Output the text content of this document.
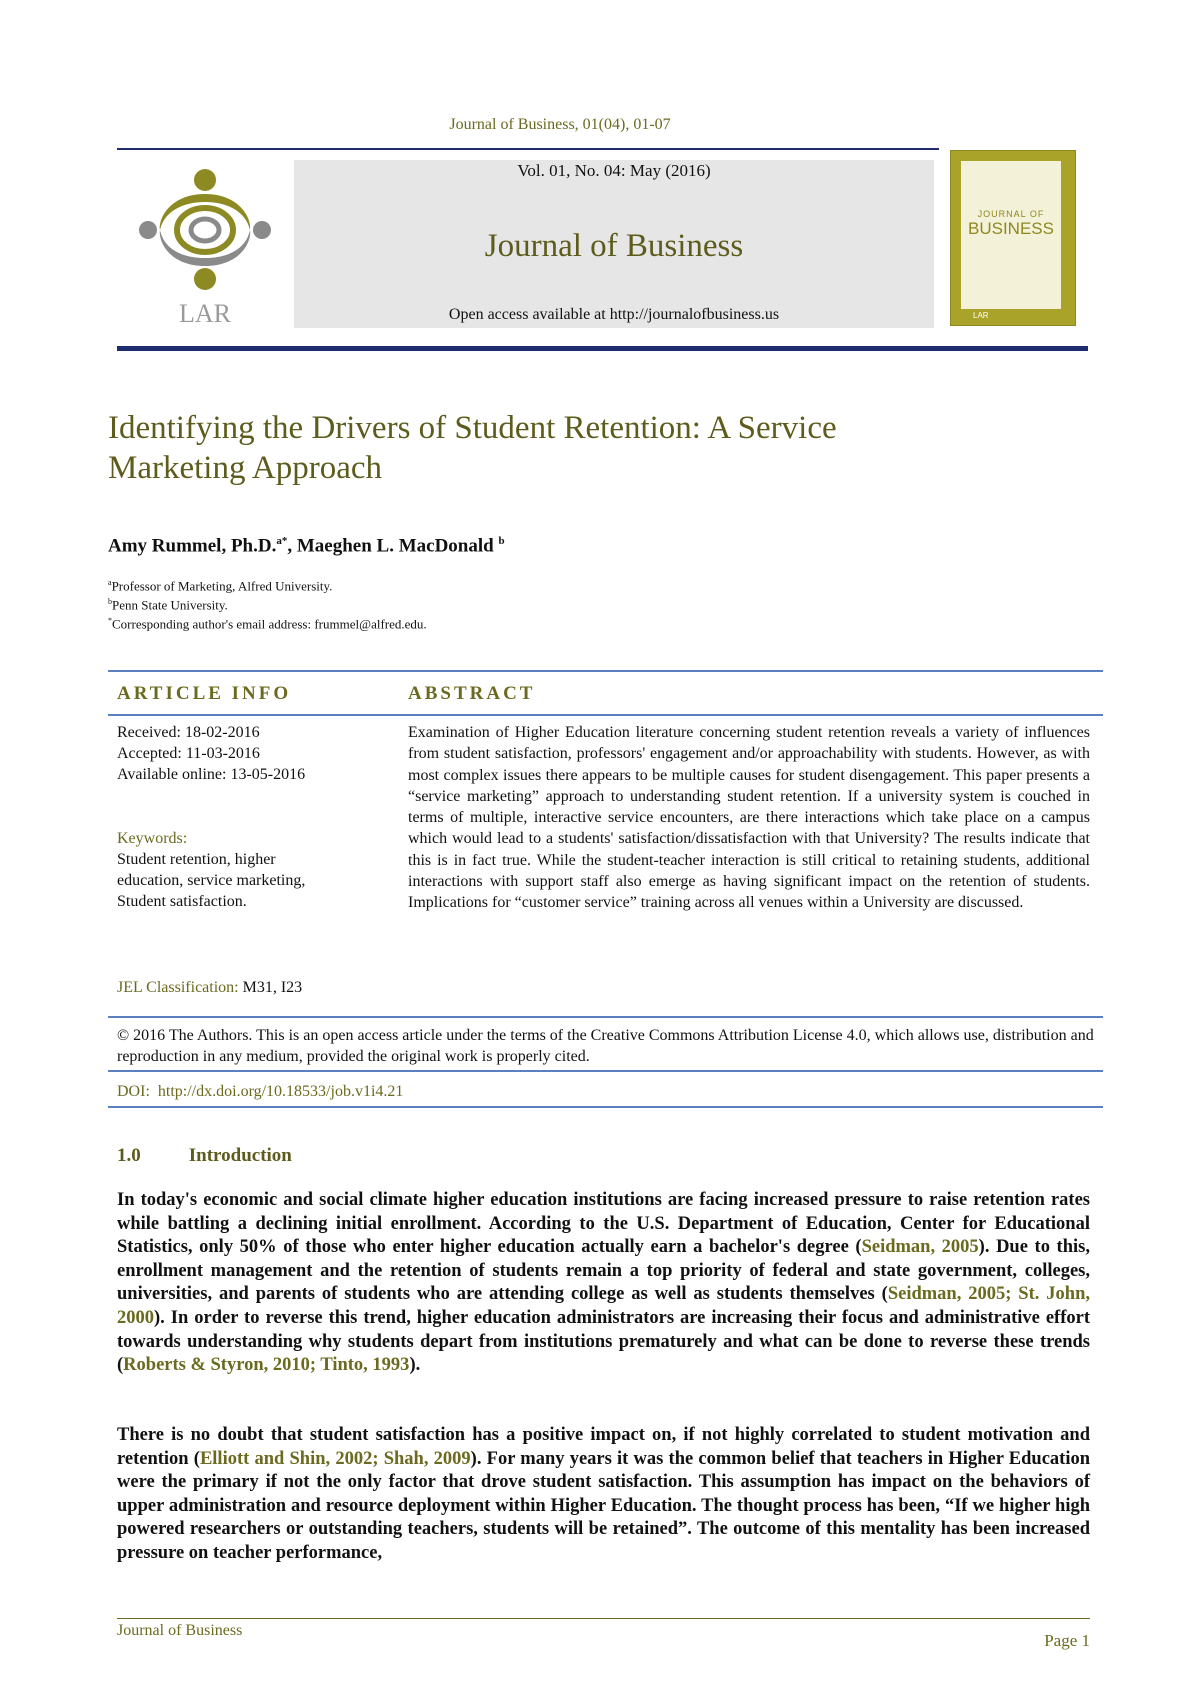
Journal of Business, 01(04), 01-07
LAR
Vol. 01, No. 04: May (2016)
Journal of Business
Open access available at http://journalofbusiness.us
JOURNAL OF
BUSINESS
LAR
Identifying the Drivers of Student Retention: A Service
Marketing Approach
Amy Rummel, Ph.D.$^{a*}$, Maeghen L. MacDonald $^b$
$^a$Professor of Marketing, Alfred University.
$^b$Penn State University.
*Corresponding author's email address: frummel@alfred.edu.
ARTICLE INFO	ABSTRACT
Received: 18-02-2016
Accepted: 11-03-2016
Available online: 13-05-2016
Keywords:
Student retention, higher
education, service marketing,
Student satisfaction.
JEL Classification: M31, I23
Examination of Higher Education literature concerning student retention reveals a variety of influences from student satisfaction, professors' engagement and/or approachability with students. However, as with most complex issues there appears to be multiple causes for student disengagement. This paper presents a “service marketing” approach to understanding student retention. If a university system is couched in terms of multiple, interactive service encounters, are there interactions which take place on a campus which would lead to a students' satisfaction/dissatisfaction with that University? The results indicate that this is in fact true. While the student-teacher interaction is still critical to retaining students, additional interactions with support staff also emerge as having significant impact on the retention of students. Implications for “customer service” training across all venues within a University are discussed.
© 2016 The Authors. This is an open access article under the terms of the Creative Commons Attribution License 4.0, which allows use, distribution and reproduction in any medium, provided the original work is properly cited.
DOI: http://dx.doi.org/10.18533/job.v1i4.21
1.0	Introduction
In today's economic and social climate higher education institutions are facing increased pressure to raise retention rates while battling a declining initial enrollment. According to the U.S. Department of Education, Center for Educational Statistics, only 50% of those who enter higher education actually earn a bachelor's degree (Seidman, 2005). Due to this, enrollment management and the retention of students remain a top priority of federal and state government, colleges, universities, and parents of students who are attending college as well as students themselves (Seidman, 2005; St. John, 2000). In order to reverse this trend, higher education administrators are increasing their focus and administrative effort towards understanding why students depart from institutions prematurely and what can be done to reverse these trends (Roberts & Styron, 2010; Tinto, 1993).
There is no doubt that student satisfaction has a positive impact on, if not highly correlated to student motivation and retention (Elliott and Shin, 2002; Shah, 2009). For many years it was the common belief that teachers in Higher Education were the primary if not the only factor that drove student satisfaction. This assumption has impact on the behaviors of upper administration and resource deployment within Higher Education. The thought process has been, “If we higher high powered researchers or outstanding teachers, students will be retained”. The outcome of this mentality has been increased pressure on teacher performance,
Journal of Business
Page 1
